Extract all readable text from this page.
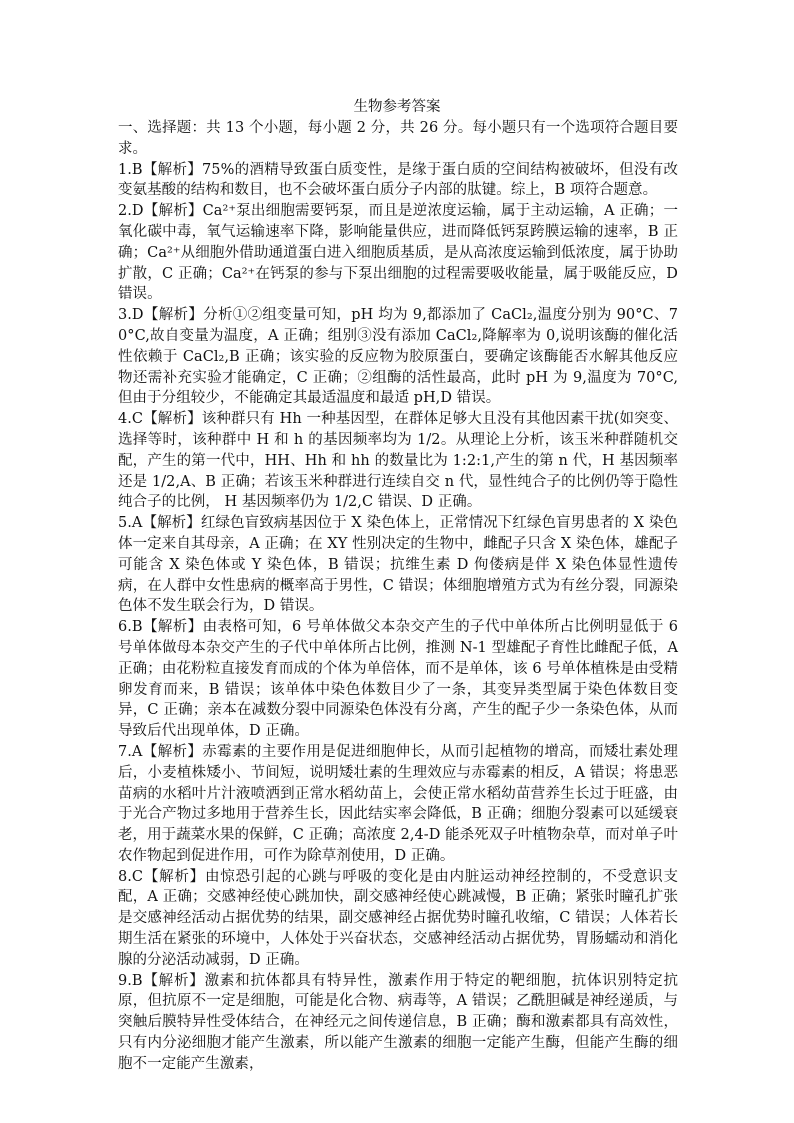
生物参考答案

一、选择题：共 13 个小题，每小题 2 分，共 26 分。每小题只有一个选项符合题目要求。

1.B【解析】75%的酒精导致蛋白质变性，是缘于蛋白质的空间结构被破坏，但没有改变氨基酸的结构和数目，也不会破坏蛋白质分子内部的肽键。综上，B 项符合题意。

2.D【解析】Ca²⁺泵出细胞需要钙泵，而且是逆浓度运输，属于主动运输，A 正确；一氧化碳中毒，氧气运输速率下降，影响能量供应，进而降低钙泵跨膜运输的速率，B 正确；Ca²⁺从细胞外借助通道蛋白进入细胞质基质，是从高浓度运输到低浓度，属于协助扩散，C 正确；Ca²⁺在钙泵的参与下泵出细胞的过程需要吸收能量，属于吸能反应，D 错误。

3.D【解析】分析①②组变量可知，pH 均为 9,都添加了 CaCl₂,温度分别为 90°C、70°C,故自变量为温度，A 正确；组别③没有添加 CaCl₂,降解率为 0,说明该酶的催化活性依赖于 CaCl₂,B 正确；该实验的反应物为胶原蛋白，要确定该酶能否水解其他反应物还需补充实验才能确定，C 正确；②组酶的活性最高，此时 pH 为 9,温度为 70°C,但由于分组较少，不能确定其最适温度和最适 pH,D 错误。

4.C【解析】该种群只有 Hh 一种基因型，在群体足够大且没有其他因素干扰(如突变、选择等时，该种群中 H 和 h 的基因频率均为 1/2。从理论上分析，该玉米种群随机交配，产生的第一代中，HH、Hh 和 hh 的数量比为 1:2:1,产生的第 n 代，H 基因频率还是 1/2,A、B 正确；若该玉米种群进行连续自交 n 代，显性纯合子的比例仍等于隐性纯合子的比例， H 基因频率仍为 1/2,C 错误、D 正确。

5.A【解析】红绿色盲致病基因位于 X 染色体上，正常情况下红绿色盲男患者的 X 染色体一定来自其母亲，A 正确；在 XY 性别决定的生物中，雌配子只含 X 染色体，雄配子可能含 X 染色体或 Y 染色体，B 错误；抗维生素 D 佝偻病是伴 X 染色体显性遗传病，在人群中女性患病的概率高于男性，C 错误；体细胞增殖方式为有丝分裂，同源染色体不发生联会行为，D 错误。

6.B【解析】由表格可知，6 号单体做父本杂交产生的子代中单体所占比例明显低于 6 号单体做母本杂交产生的子代中单体所占比例，推测 N-1 型雄配子育性比雌配子低，A 正确；由花粉粒直接发育而成的个体为单倍体，而不是单体，该 6 号单体植株是由受精卵发育而来，B 错误；该单体中染色体数目少了一条，其变异类型属于染色体数目变异，C 正确；亲本在减数分裂中同源染色体没有分离，产生的配子少一条染色体，从而导致后代出现单体，D 正确。

7.A【解析】赤霉素的主要作用是促进细胞伸长，从而引起植物的增高，而矮壮素处理后，小麦植株矮小、节间短，说明矮壮素的生理效应与赤霉素的相反，A 错误；将患恶苗病的水稻叶片汁液喷洒到正常水稻幼苗上，会使正常水稻幼苗营养生长过于旺盛，由于光合产物过多地用于营养生长，因此结实率会降低，B 正确；细胞分裂素可以延缓衰老，用于蔬菜水果的保鲜，C 正确；高浓度 2,4-D 能杀死双子叶植物杂草，而对单子叶农作物起到促进作用，可作为除草剂使用，D 正确。

8.C【解析】由惊恐引起的心跳与呼吸的变化是由内脏运动神经控制的，不受意识支配，A 正确；交感神经使心跳加快，副交感神经使心跳减慢，B 正确；紧张时瞳孔扩张是交感神经活动占据优势的结果，副交感神经占据优势时瞳孔收缩，C 错误；人体若长期生活在紧张的环境中，人体处于兴奋状态，交感神经活动占据优势，胃肠蠕动和消化腺的分泌活动减弱，D 正确。

9.B【解析】激素和抗体都具有特异性，激素作用于特定的靶细胞，抗体识别特定抗原，但抗原不一定是细胞，可能是化合物、病毒等，A 错误；乙酰胆碱是神经递质，与突触后膜特异性受体结合，在神经元之间传递信息，B 正确；酶和激素都具有高效性，只有内分泌细胞才能产生激素，所以能产生激素的细胞一定能产生酶，但能产生酶的细胞不一定能产生激素，
